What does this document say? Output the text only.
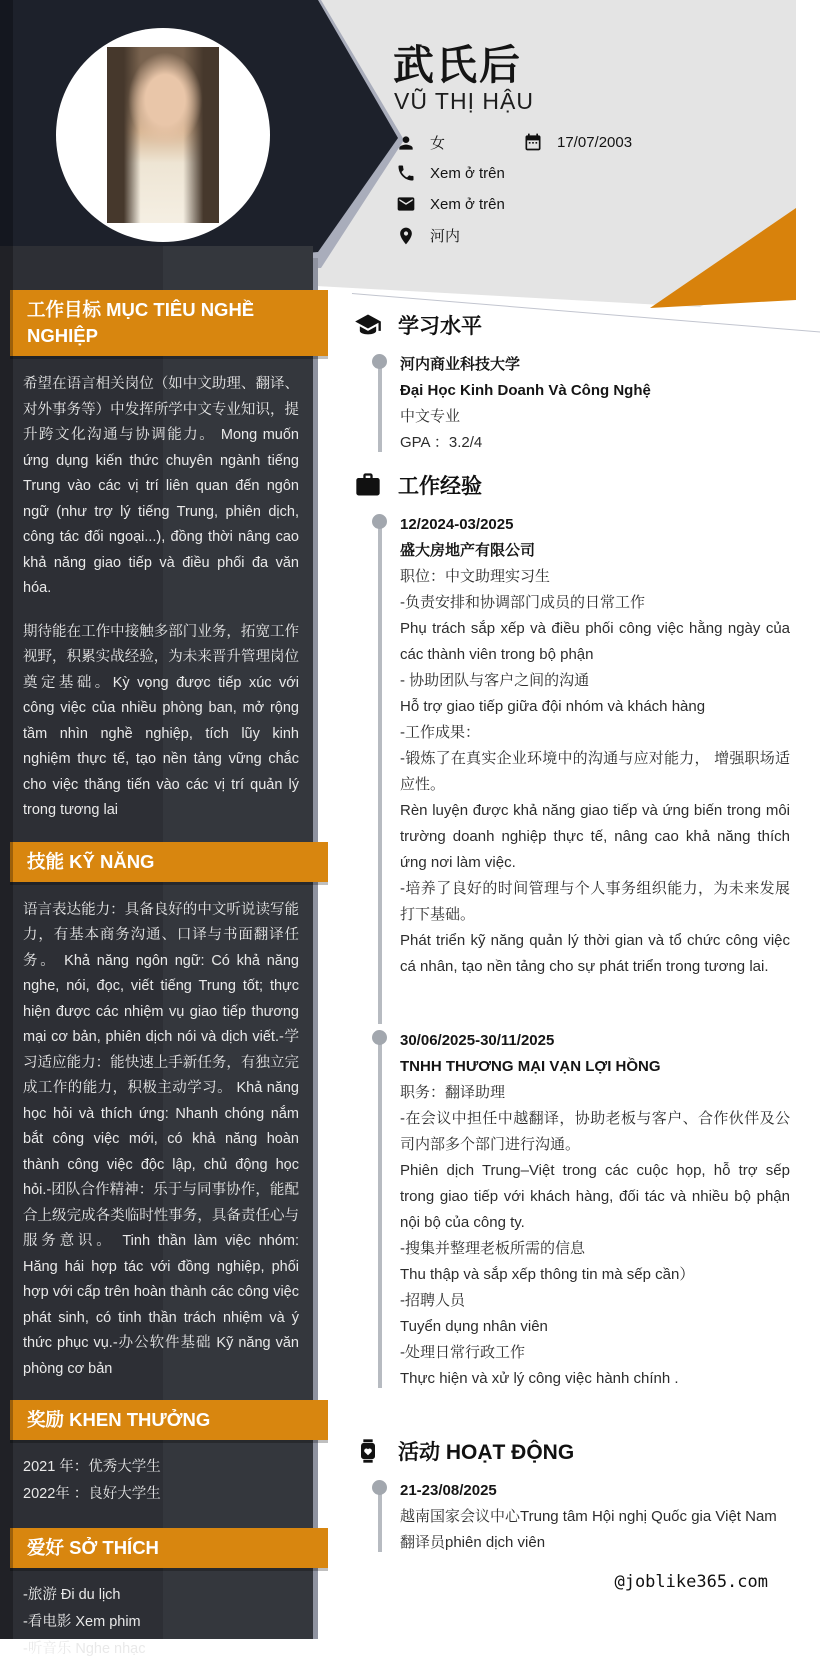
武氏后
VŨ THỊ HẬU
女	17/07/2003
Xem ở trên
Xem ở trên
河内
工作目标 MỤC TIÊU NGHỀ NGHIỆP
希望在语言相关岗位（如中文助理、翻译、对外事务等）中发挥所学中文专业知识，提升跨文化沟通与协调能力。 Mong muốn ứng dụng kiến thức chuyên ngành tiếng Trung vào các vị trí liên quan đến ngôn ngữ (như trợ lý tiếng Trung, phiên dịch, công tác đối ngoại...), đồng thời nâng cao khả năng giao tiếp và điều phối đa văn hóa.
期待能在工作中接触多部门业务，拓宽工作视野，积累实战经验，为未来晋升管理岗位奠定基础。Kỳ vọng được tiếp xúc với công việc của nhiều phòng ban, mở rộng tầm nhìn nghề nghiệp, tích lũy kinh nghiệm thực tế, tạo nền tảng vững chắc cho việc thăng tiến vào các vị trí quản lý trong tương lai
技能 KỸ NĂNG
语言表达能力：具备良好的中文听说读写能力，有基本商务沟通、口译与书面翻译任务。 Khả năng ngôn ngữ: Có khả năng nghe, nói, đọc, viết tiếng Trung tốt; thực hiện được các nhiệm vụ giao tiếp thương mại cơ bản, phiên dịch nói và dịch viết.-学习适应能力：能快速上手新任务，有独立完成工作的能力，积极主动学习。 Khả năng học hỏi và thích ứng: Nhanh chóng nắm bắt công việc mới, có khả năng hoàn thành công việc độc lập, chủ động học hỏi.-团队合作精神：乐于与同事协作，能配合上级完成各类临时性事务，具备责任心与服务意识。 Tinh thần làm việc nhóm: Hăng hái hợp tác với đồng nghiệp, phối hợp với cấp trên hoàn thành các công việc phát sinh, có tinh thần trách nhiệm và ý thức phục vụ.-办公软件基础 Kỹ năng văn phòng cơ bản
奖励 KHEN THƯỞNG
2021 年：优秀大学生
2022年 ：良好大学生
爱好 SỞ THÍCH
-旅游 Đi du lịch
-看电影 Xem phim
-听音乐 Nghe nhạc
学习水平
河内商业科技大学
Đại Học Kinh Doanh Và Công Nghệ
中文专业
GPA ：3.2/4
工作经验
12/2024-03/2025
盛大房地产有限公司
职位：中文助理实习生
-负责安排和协调部门成员的日常工作
Phụ trách sắp xếp và điều phối công việc hằng ngày của các thành viên trong bộ phận
- 协助团队与客户之间的沟通
Hỗ trợ giao tiếp giữa đội nhóm và khách hàng
-工作成果：
-锻炼了在真实企业环境中的沟通与应对能力， 增强职场适应性。
Rèn luyện được khả năng giao tiếp và ứng biến trong môi trường doanh nghiệp thực tế, nâng cao khả năng thích ứng nơi làm việc.
-培养了良好的时间管理与个人事务组织能力，为未来发展打下基础。
Phát triển kỹ năng quản lý thời gian và tổ chức công việc cá nhân, tạo nền tảng cho sự phát triển trong tương lai.
30/06/2025-30/11/2025
TNHH THƯƠNG MẠI VẠN LỢI HỒNG
职务：翻译助理
-在会议中担任中越翻译，协助老板与客户、合作伙伴及公司内部多个部门进行沟通。
Phiên dịch Trung–Việt trong các cuộc họp, hỗ trợ sếp trong giao tiếp với khách hàng, đối tác và nhiều bộ phận nội bộ của công ty.
-搜集并整理老板所需的信息
Thu thập và sắp xếp thông tin mà sếp cần）
-招聘人员
Tuyển dụng nhân viên
-处理日常行政工作
Thực hiện và xử lý công việc hành chính .
活动 HOẠT ĐỘNG
21-23/08/2025
越南国家会议中心Trung tâm Hội nghị Quốc gia Việt Nam
翻译员phiên dịch viên
@joblike365.com
